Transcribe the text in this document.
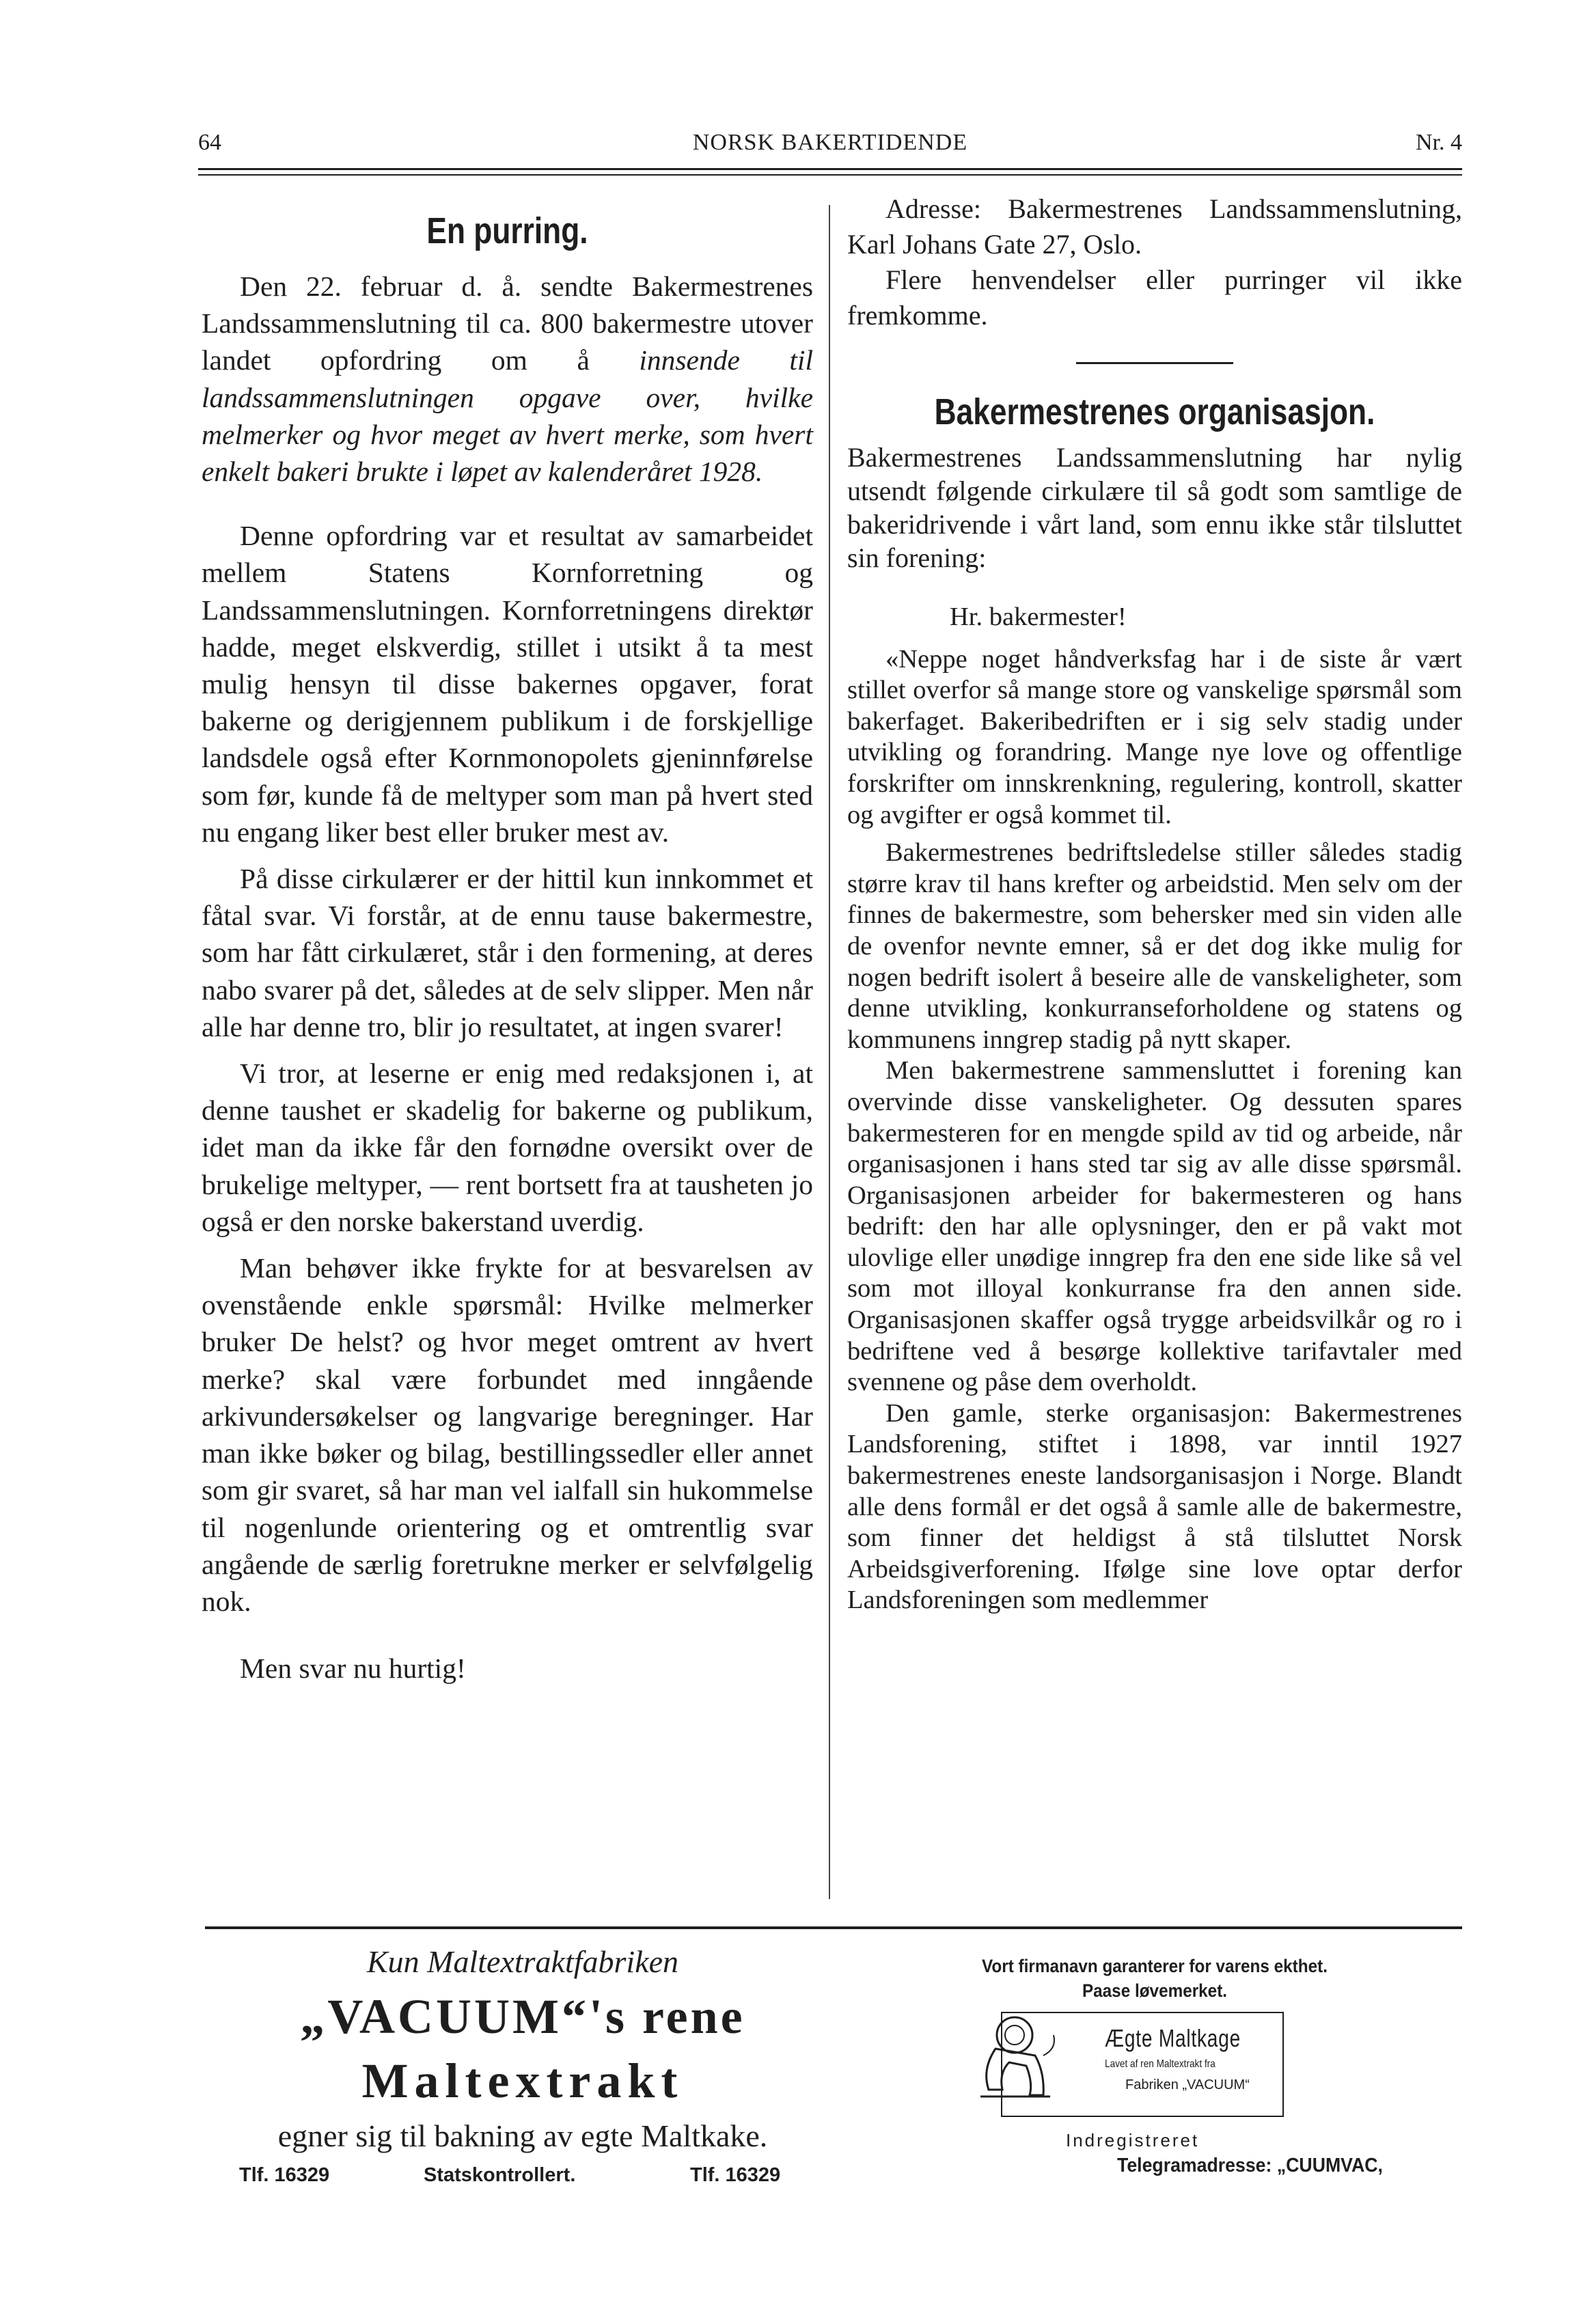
64	NORSK BAKERTIDENDE	Nr. 4
En purring.

Den 22. februar d. å. sendte Bakermestrenes Landssammenslutning til ca. 800 bakermestre utover landet opfordring om å innsende til landssammenslutningen opgave over, hvilke melmerker og hvor meget av hvert merke, som hvert enkelt bakeri brukte i løpet av kalenderåret 1928.

Denne opfordring var et resultat av samarbeidet mellem Statens Kornforretning og Landssammenslutningen. Kornforretningens direktør hadde, meget elskverdig, stillet i utsikt å ta mest mulig hensyn til disse bakernes opgaver, forat bakerne og derigjennem publikum i de forskjellige landsdele også efter Kornmonopolets gjeninnførelse som før, kunde få de meltyper som man på hvert sted nu engang liker best eller bruker mest av.

På disse cirkulærer er der hittil kun innkommet et fåtal svar. Vi forstår, at de ennu tause bakermestre, som har fått cirkulæret, står i den formening, at deres nabo svarer på det, således at de selv slipper. Men når alle har denne tro, blir jo resultatet, at ingen svarer!

Vi tror, at leserne er enig med redaksjonen i, at denne taushet er skadelig for bakerne og publikum, idet man da ikke får den fornødne oversikt over de brukelige meltyper, — rent bortsett fra at tausheten jo også er den norske bakerstand uverdig.

Man behøver ikke frykte for at besvarelsen av ovenstående enkle spørsmål: Hvilke melmerker bruker De helst? og hvor meget omtrent av hvert merke? skal være forbundet med inngående arkivundersøkelser og langvarige beregninger. Har man ikke bøker og bilag, bestillingssedler eller annet som gir svaret, så har man vel ialfall sin hukommelse til nogenlunde orientering og et omtrentlig svar angående de særlig foretrukne merker er selvfølgelig nok.

Men svar nu hurtig!

Adresse: Bakermestrenes Landssammenslutning, Karl Johans Gate 27, Oslo.

Flere henvendelser eller purringer vil ikke fremkomme.

Bakermestrenes organisasjon.

Bakermestrenes Landssammenslutning har nylig utsendt følgende cirkulære til så godt som samtlige de bakeridrivende i vårt land, som ennu ikke står tilsluttet sin forening:

Hr. bakermester!

«Neppe noget håndverksfag har i de siste år vært stillet overfor så mange store og vanskelige spørsmål som bakerfaget. Bakeribedriften er i sig selv stadig under utvikling og forandring. Mange nye love og offentlige forskrifter om innskrenkning, regulering, kontroll, skatter og avgifter er også kommet til.

Bakermestrenes bedriftsledelse stiller således stadig større krav til hans krefter og arbeidstid. Men selv om der finnes de bakermestre, som behersker med sin viden alle de ovenfor nevnte emner, så er det dog ikke mulig for nogen bedrift isolert å beseire alle de vanskeligheter, som denne utvikling, konkurranseforholdene og statens og kommunens inngrep stadig på nytt skaper.

Men bakermestrene sammensluttet i forening kan overvinde disse vanskeligheter. Og dessuten spares bakermesteren for en mengde spild av tid og arbeide, når organisasjonen i hans sted tar sig av alle disse spørsmål. Organisasjonen arbeider for bakermesteren og hans bedrift: den har alle oplysninger, den er på vakt mot ulovlige eller unødige inngrep fra den ene side like så vel som mot illoyal konkurranse fra den annen side. Organisasjonen skaffer også trygge arbeidsvilkår og ro i bedriftene ved å besørge kollektive tarifavtaler med svennene og påse dem overholdt.

Den gamle, sterke organisasjon: Bakermestrenes Landsforening, stiftet i 1898, var inntil 1927 bakermestrenes eneste landsorganisasjon i Norge. Blandt alle dens formål er det også å samle alle de bakermestre, som finner det heldigst å stå tilsluttet Norsk Arbeidsgiverforening. Ifølge sine love optar derfor Landsforeningen som medlemmer

Kun Maltextraktfabriken
„VACUUM“'s rene
Maltextrakt
egner sig til bakning av egte Maltkake.
Tlf. 16329	Statskontrollert.	Tlf. 16329
Vort firmanavn garanterer for varens ekthet.
Paase løvemerket.
Ægte Maltkage
Lavet af ren Maltextrakt fra
Fabriken „VACUUM“
Indregistreret
Telegramadresse: „CUUMVAC,
